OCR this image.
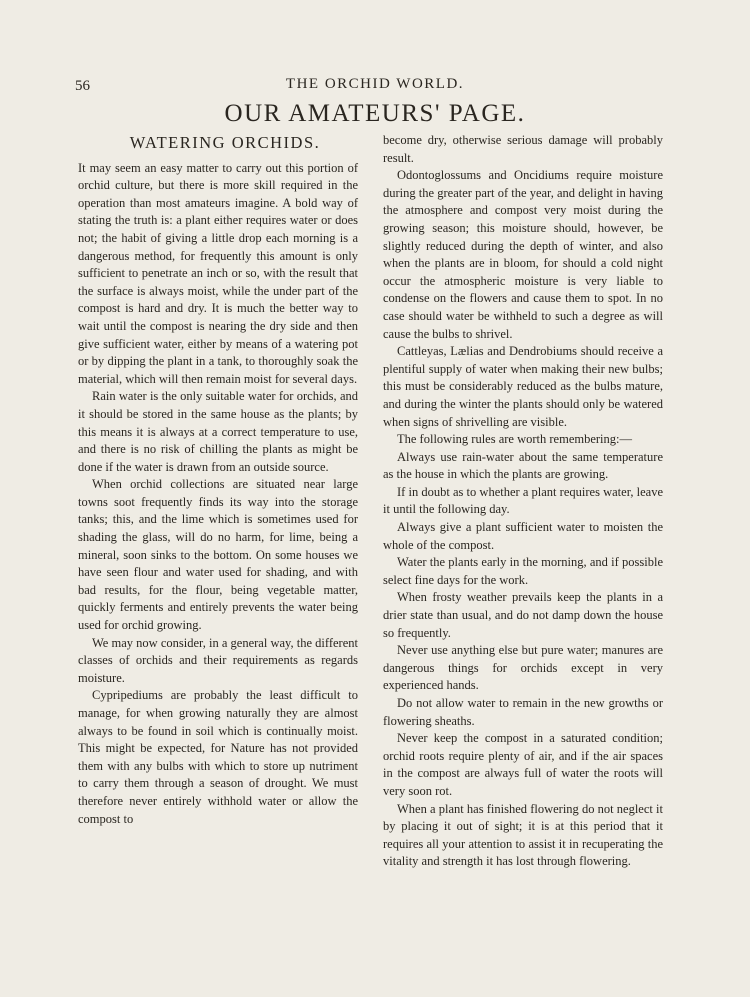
56	THE ORCHID WORLD.
OUR AMATEURS' PAGE.
WATERING ORCHIDS.

It may seem an easy matter to carry out this portion of orchid culture, but there is more skill required in the operation than most amateurs imagine. A bold way of stating the truth is: a plant either requires water or does not; the habit of giving a little drop each morning is a dangerous method, for frequently this amount is only sufficient to penetrate an inch or so, with the result that the surface is always moist, while the under part of the compost is hard and dry. It is much the better way to wait until the compost is nearing the dry side and then give sufficient water, either by means of a watering pot or by dipping the plant in a tank, to thoroughly soak the material, which will then remain moist for several days.

Rain water is the only suitable water for orchids, and it should be stored in the same house as the plants; by this means it is always at a correct temperature to use, and there is no risk of chilling the plants as might be done if the water is drawn from an outside source.

When orchid collections are situated near large towns soot frequently finds its way into the storage tanks; this, and the lime which is sometimes used for shading the glass, will do no harm, for lime, being a mineral, soon sinks to the bottom. On some houses we have seen flour and water used for shading, and with bad results, for the flour, being vegetable matter, quickly ferments and entirely prevents the water being used for orchid growing.

We may now consider, in a general way, the different classes of orchids and their requirements as regards moisture.

Cypripediums are probably the least difficult to manage, for when growing naturally they are almost always to be found in soil which is continually moist. This might be expected, for Nature has not provided them with any bulbs with which to store up nutriment to carry them through a season of drought. We must therefore never entirely withhold water or allow the compost to

become dry, otherwise serious damage will probably result.

Odontoglossums and Oncidiums require moisture during the greater part of the year, and delight in having the atmosphere and compost very moist during the growing season; this moisture should, however, be slightly reduced during the depth of winter, and also when the plants are in bloom, for should a cold night occur the atmospheric moisture is very liable to condense on the flowers and cause them to spot. In no case should water be withheld to such a degree as will cause the bulbs to shrivel.

Cattleyas, Lælias and Dendrobiums should receive a plentiful supply of water when making their new bulbs; this must be considerably reduced as the bulbs mature, and during the winter the plants should only be watered when signs of shrivelling are visible.

The following rules are worth remembering:—

Always use rain-water about the same temperature as the house in which the plants are growing.

If in doubt as to whether a plant requires water, leave it until the following day.

Always give a plant sufficient water to moisten the whole of the compost.

Water the plants early in the morning, and if possible select fine days for the work.

When frosty weather prevails keep the plants in a drier state than usual, and do not damp down the house so frequently.

Never use anything else but pure water; manures are dangerous things for orchids except in very experienced hands.

Do not allow water to remain in the new growths or flowering sheaths.

Never keep the compost in a saturated condition; orchid roots require plenty of air, and if the air spaces in the compost are always full of water the roots will very soon rot.

When a plant has finished flowering do not neglect it by placing it out of sight; it is at this period that it requires all your attention to assist it in recuperating the vitality and strength it has lost through flowering.
